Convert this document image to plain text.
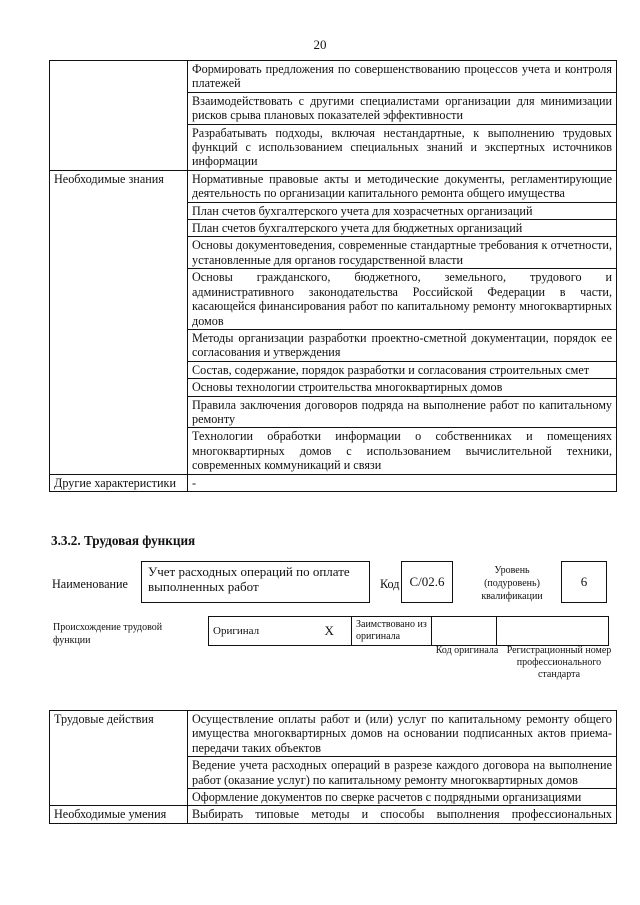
20
	Формировать предложения по совершенствованию процессов учета и контроля платежей
	Взаимодействовать с другими специалистами организации для минимизации рисков срыва плановых показателей эффективности
	Разрабатывать подходы, включая нестандартные, к выполнению трудовых функций с использованием специальных знаний и экспертных источников информации
Необходимые знания	Нормативные правовые акты и методические документы, регламентирующие деятельность по организации капитального ремонта общего имущества
	План счетов бухгалтерского учета для хозрасчетных организаций
	План счетов бухгалтерского учета для бюджетных организаций
	Основы документоведения, современные стандартные требования к отчетности, установленные для органов государственной власти
	Основы гражданского, бюджетного, земельного, трудового и административного законодательства Российской Федерации в части, касающейся финансирования работ по капитальному ремонту многоквартирных домов
	Методы организации разработки проектно-сметной документации, порядок ее согласования и утверждения
	Состав, содержание, порядок разработки и согласования строительных смет
	Основы технологии строительства многоквартирных домов
	Правила заключения договоров подряда на выполнение работ по капитальному ремонту
	Технологии обработки информации о собственниках и помещениях многоквартирных домов с использованием вычислительной техники, современных коммуникаций и связи
Другие характеристики	-
3.3.2. Трудовая функция
Наименование
Учет расходных операций по оплате выполненных работ	Код C/02.6
Уровень (подуровень) квалификации
6
Происхождение трудовой функции
Оригинал	X	Заимствовано из оригинала		
Код оригинала Регистрационный номер профессионального стандарта
Трудовые действия	Осуществление оплаты работ и (или) услуг по капитальному ремонту общего имущества многоквартирных домов на основании подписанных актов приема-передачи таких объектов
	Ведение учета расходных операций в разрезе каждого договора на выполнение работ (оказание услуг) по капитальному ремонту многоквартирных домов
	Оформление документов по сверке расчетов с подрядными организациями
Необходимые умения	Выбирать типовые методы и способы выполнения профессиональных
